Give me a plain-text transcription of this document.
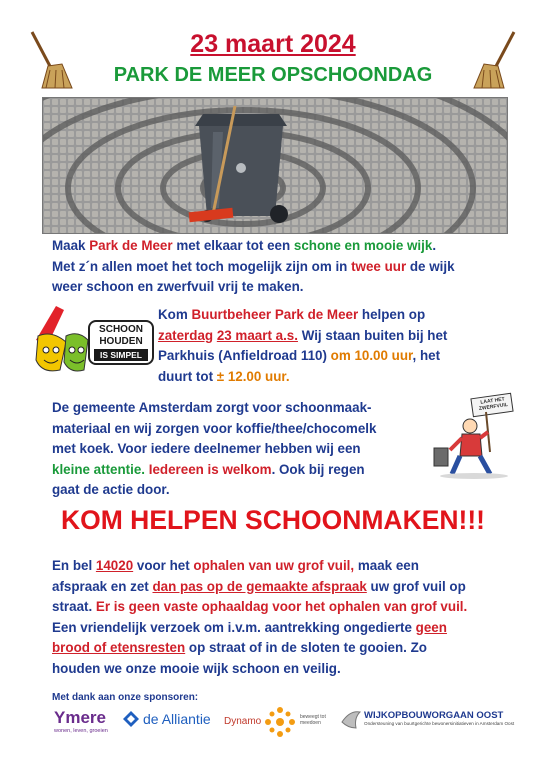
23 maart 2024
PARK DE MEER OPSCHOONDAG

Maak Park de Meer met elkaar tot een schone en mooie wijk.
Met z´n allen moet het toch mogelijk zijn om in twee uur de wijk
weer schoon en zwerfvuil vrij te maken.

SCHOON
HOUDEN
IS SIMPEL

Kom Buurtbeheer Park de Meer helpen op
zaterdag 23 maart a.s. Wij staan buiten bij het
Parkhuis (Anfieldroad 110) om 10.00 uur, het
duurt tot ± 12.00 uur.

De gemeente Amsterdam zorgt voor schoonmaak-
materiaal en wij zorgen voor koffie/thee/chocomelk
met koek. Voor iedere deelnemer hebben wij een
kleine attentie. Iedereen is welkom. Ook bij regen
gaat de actie door.

LAAT HET ZWERFVUIL
KOM HELPEN SCHOONMAKEN!!!

En bel 14020 voor het ophalen van uw grof vuil, maak een
afspraak en zet dan pas op de gemaakte afspraak uw grof vuil op
straat. Er is geen vaste ophaaldag voor het ophalen van grof vuil.
Een vriendelijk verzoek om i.v.m. aantrekking ongedierte geen
brood of etensresten op straat of in de sloten te gooien. Zo
houden we onze mooie wijk schoon en veilig.

Met dank aan onze sponsoren:
Ymere
wonen, leven, groeien
de Alliantie Dynamo	beweegt tot meedoen
WIJKOPBOUWORGAAN OOST
Ondersteuning van buurtgerichte bewonersinitiatieven in Amsterdam Oost
